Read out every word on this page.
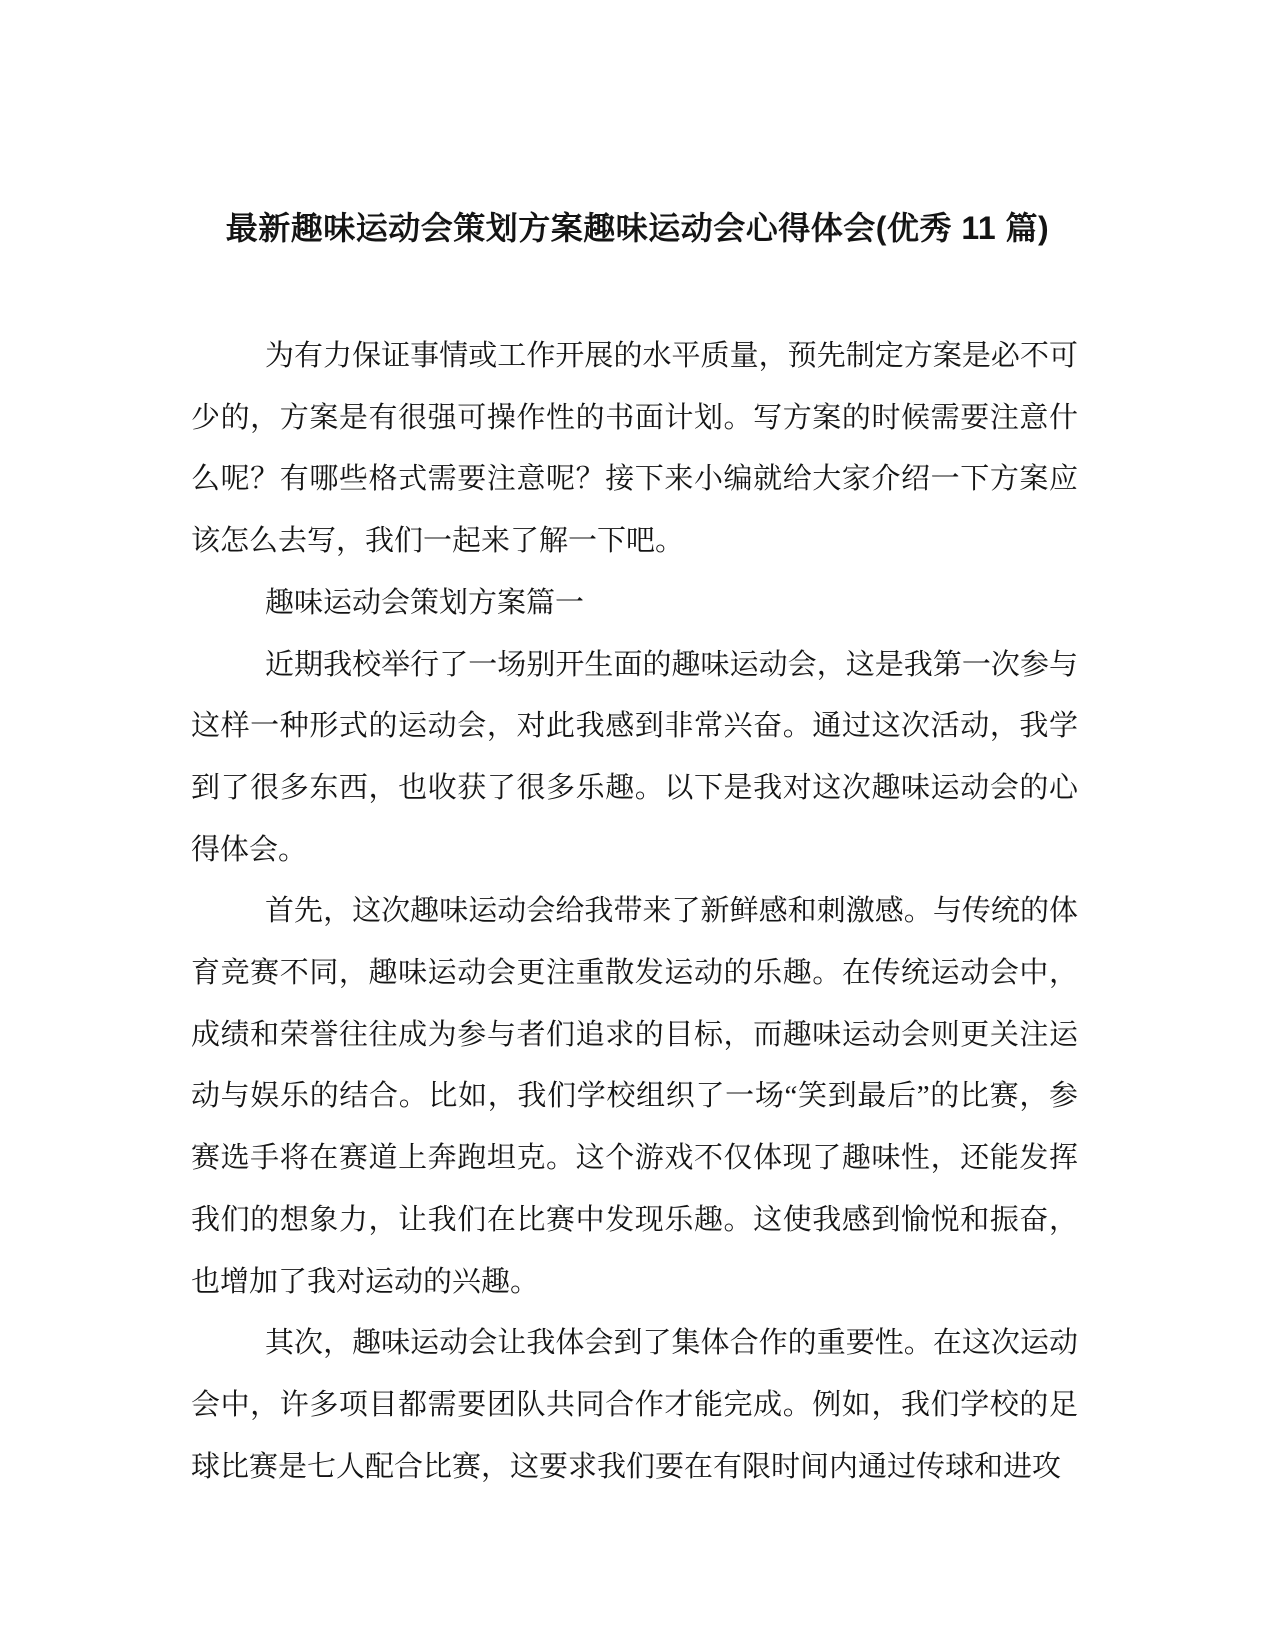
最新趣味运动会策划方案趣味运动会心得体会(优秀 11 篇)

为有力保证事情或工作开展的水平质量，预先制定方案是必不可少的，方案是有很强可操作性的书面计划。写方案的时候需要注意什么呢？有哪些格式需要注意呢？接下来小编就给大家介绍一下方案应该怎么去写，我们一起来了解一下吧。

趣味运动会策划方案篇一

近期我校举行了一场别开生面的趣味运动会，这是我第一次参与这样一种形式的运动会，对此我感到非常兴奋。通过这次活动，我学到了很多东西，也收获了很多乐趣。以下是我对这次趣味运动会的心得体会。

首先，这次趣味运动会给我带来了新鲜感和刺激感。与传统的体育竞赛不同，趣味运动会更注重散发运动的乐趣。在传统运动会中，成绩和荣誉往往成为参与者们追求的目标，而趣味运动会则更关注运动与娱乐的结合。比如，我们学校组织了一场“笑到最后”的比赛，参赛选手将在赛道上奔跑坦克。这个游戏不仅体现了趣味性，还能发挥我们的想象力，让我们在比赛中发现乐趣。这使我感到愉悦和振奋，也增加了我对运动的兴趣。

其次，趣味运动会让我体会到了集体合作的重要性。在这次运动会中，许多项目都需要团队共同合作才能完成。例如，我们学校的足球比赛是七人配合比赛，这要求我们要在有限时间内通过传球和进攻
